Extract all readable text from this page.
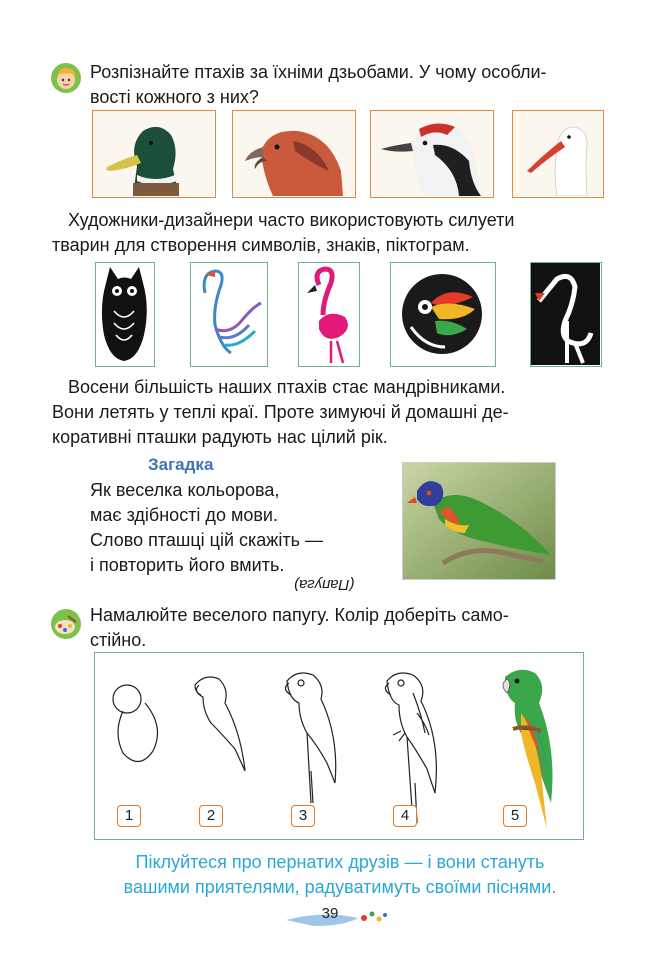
Розпізнайте птахів за їхніми дзьобами. У чому особли-
вості кожного з них?
Художники-дизайнери часто використовують силуети
тварин для створення символів, знаків, піктограм.
Восени більшість наших птахів стає мандрівниками.
Вони летять у теплі краї. Проте зимуючі й домашні де-
коративні пташки радують нас цілий рік.
Загадка
Як веселка кольорова,
має здібності до мови.
Слово пташці цій скажіть —
і повторить його вмить.
(Папуга)
Намалюйте веселого папугу. Колір доберіть само-
стійно.
1	2	3	4	5
Піклуйтеся про пернатих друзів — і вони стануть
вашими приятелями, радуватимуть своїми піснями.
39
